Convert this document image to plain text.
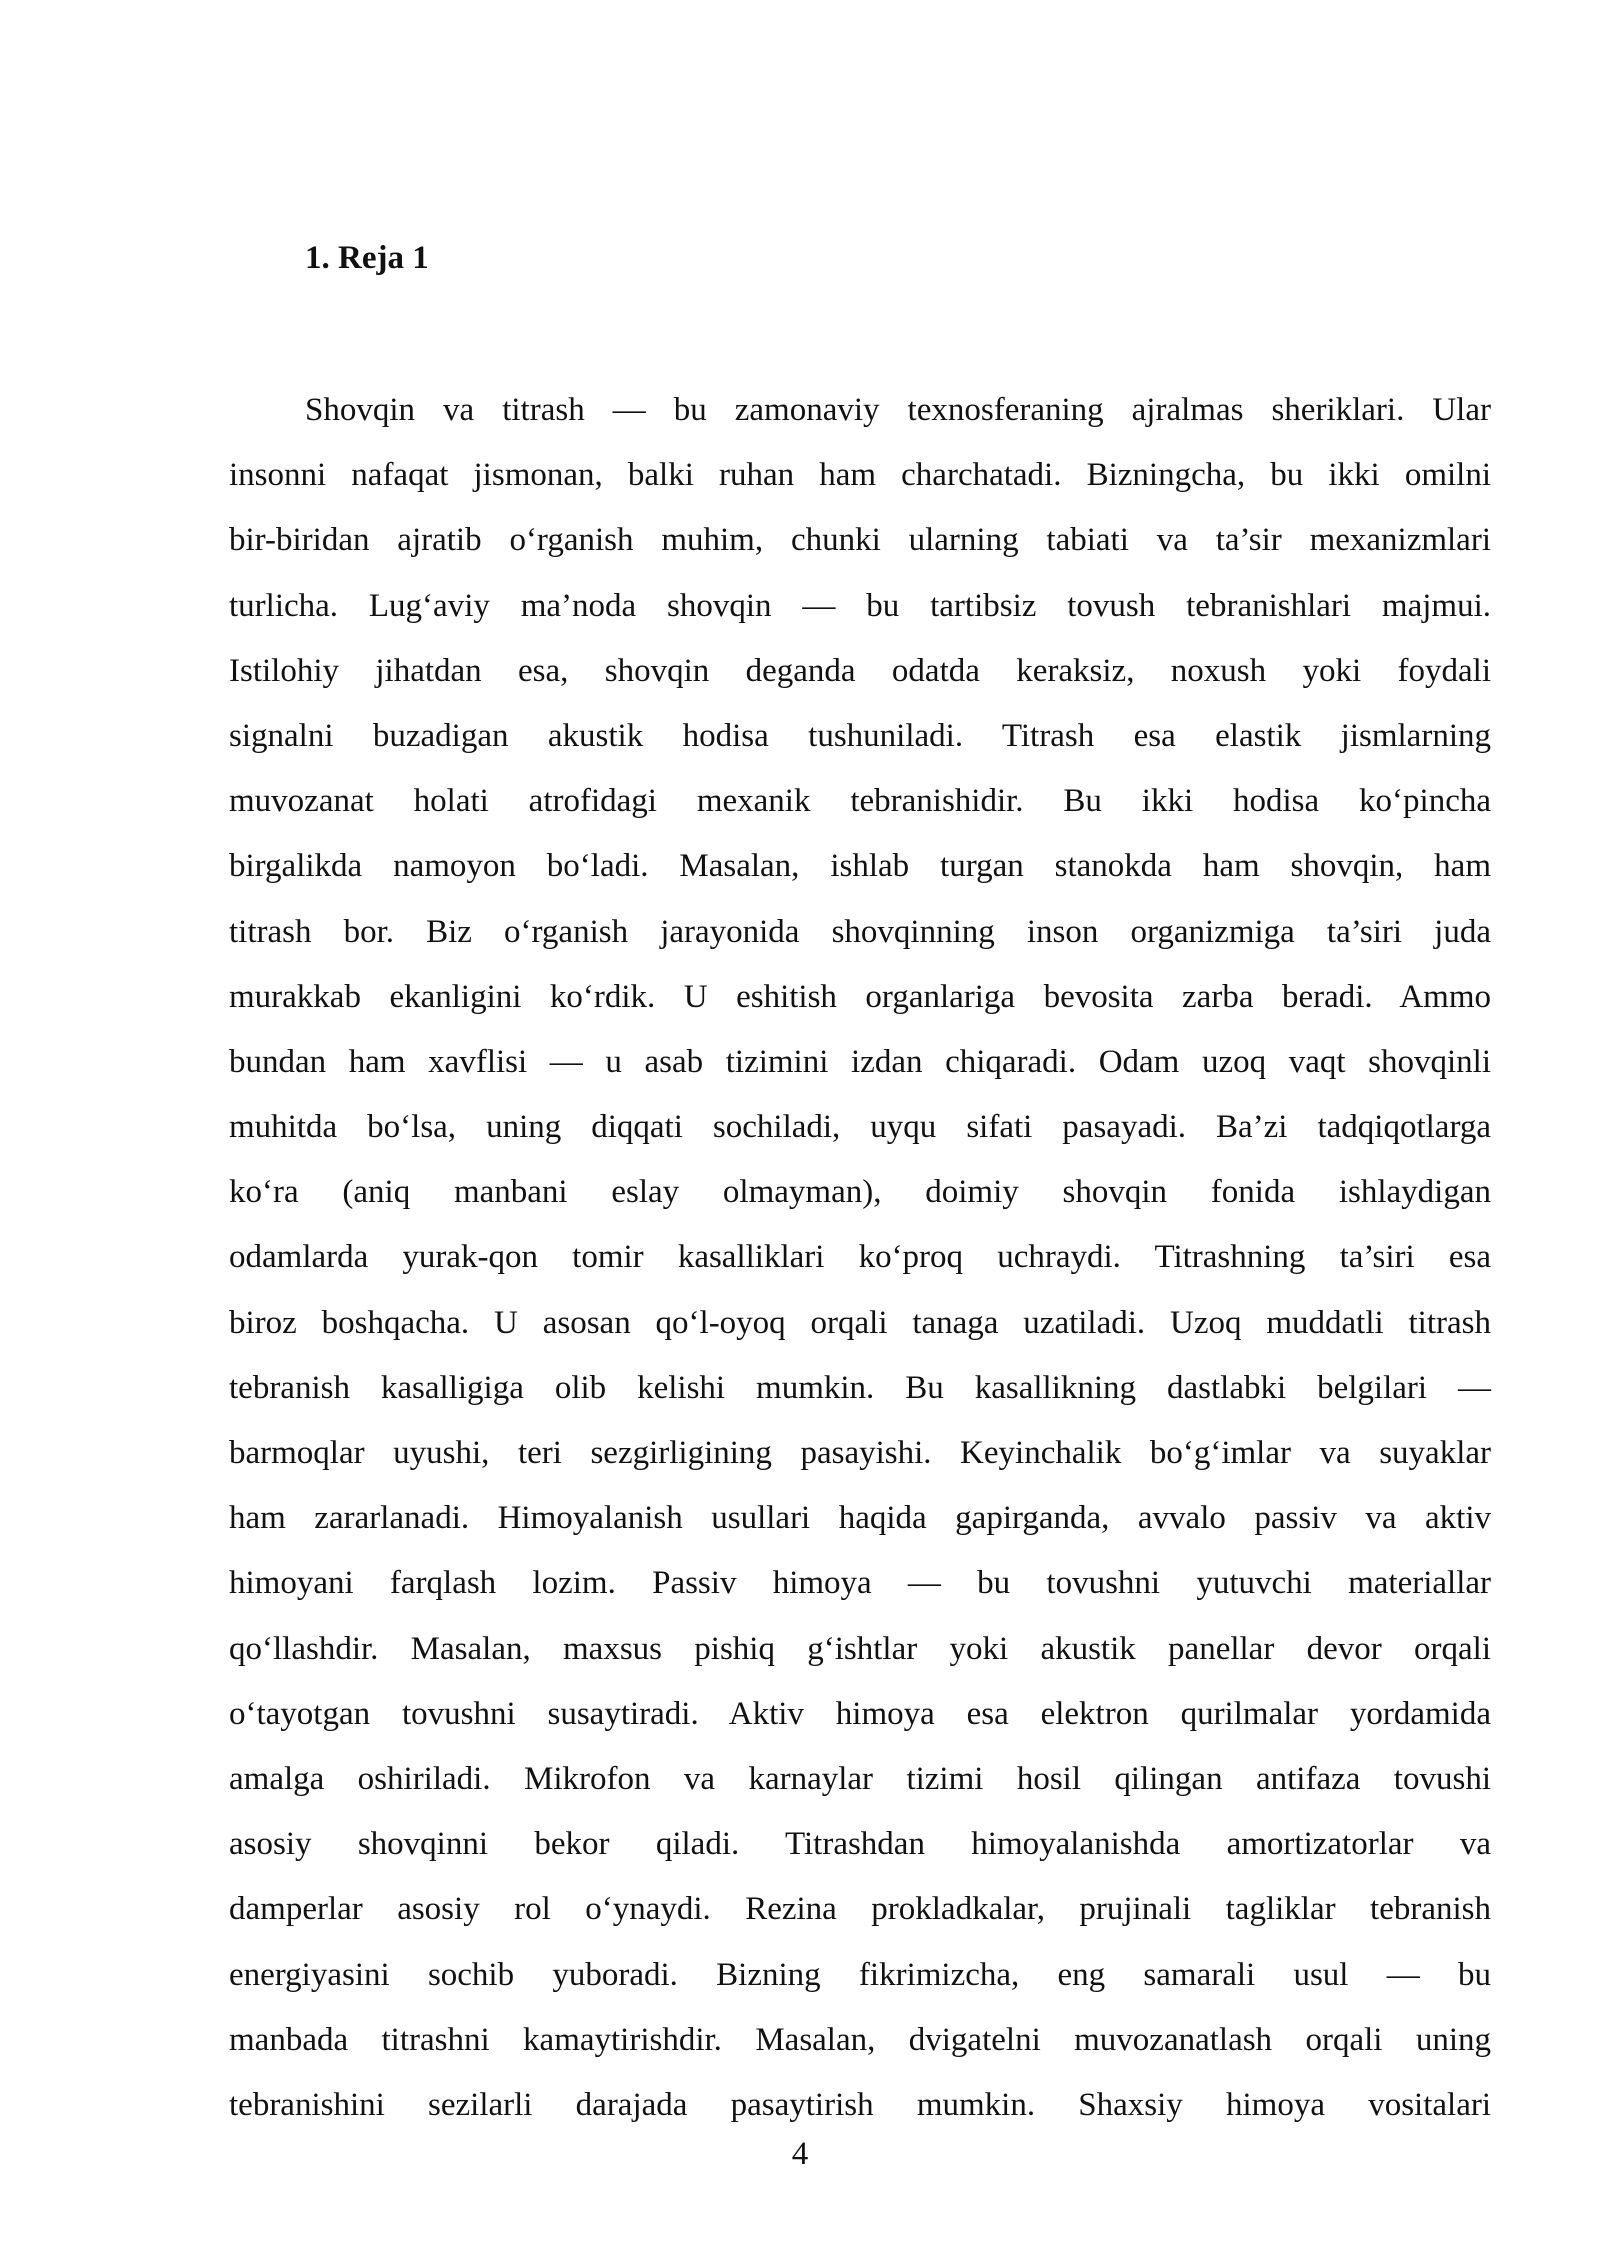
1. Reja 1
Shovqin va titrash — bu zamonaviy texnosferaning ajralmas sheriklari. Ular
insonni nafaqat jismonan, balki ruhan ham charchatadi. Bizningcha, bu ikki omilni
bir-biridan ajratib o‘rganish muhim, chunki ularning tabiati va ta’sir mexanizmlari
turlicha. Lug‘aviy ma’noda shovqin — bu tartibsiz tovush tebranishlari majmui.
Istilohiy jihatdan esa, shovqin deganda odatda keraksiz, noxush yoki foydali
signalni buzadigan akustik hodisa tushuniladi. Titrash esa elastik jismlarning
muvozanat holati atrofidagi mexanik tebranishidir. Bu ikki hodisa ko‘pincha
birgalikda namoyon bo‘ladi. Masalan, ishlab turgan stanokda ham shovqin, ham
titrash bor. Biz o‘rganish jarayonida shovqinning inson organizmiga ta’siri juda
murakkab ekanligini ko‘rdik. U eshitish organlariga bevosita zarba beradi. Ammo
bundan ham xavflisi — u asab tizimini izdan chiqaradi. Odam uzoq vaqt shovqinli
muhitda bo‘lsa, uning diqqati sochiladi, uyqu sifati pasayadi. Ba’zi tadqiqotlarga
ko‘ra (aniq manbani eslay olmayman), doimiy shovqin fonida ishlaydigan
odamlarda yurak-qon tomir kasalliklari ko‘proq uchraydi. Titrashning ta’siri esa
biroz boshqacha. U asosan qo‘l-oyoq orqali tanaga uzatiladi. Uzoq muddatli titrash
tebranish kasalligiga olib kelishi mumkin. Bu kasallikning dastlabki belgilari —
barmoqlar uyushi, teri sezgirligining pasayishi. Keyinchalik bo‘g‘imlar va suyaklar
ham zararlanadi. Himoyalanish usullari haqida gapirganda, avvalo passiv va aktiv
himoyani farqlash lozim. Passiv himoya — bu tovushni yutuvchi materiallar
qo‘llashdir. Masalan, maxsus pishiq g‘ishtlar yoki akustik panellar devor orqali
o‘tayotgan tovushni susaytiradi. Aktiv himoya esa elektron qurilmalar yordamida
amalga oshiriladi. Mikrofon va karnaylar tizimi hosil qilingan antifaza tovushi
asosiy shovqinni bekor qiladi. Titrashdan himoyalanishda amortizatorlar va
damperlar asosiy rol o‘ynaydi. Rezina prokladkalar, prujinali tagliklar tebranish
energiyasini sochib yuboradi. Bizning fikrimizcha, eng samarali usul — bu
manbada titrashni kamaytirishdir. Masalan, dvigatelni muvozanatlash orqali uning
tebranishini sezilarli darajada pasaytirish mumkin. Shaxsiy himoya vositalari
4
